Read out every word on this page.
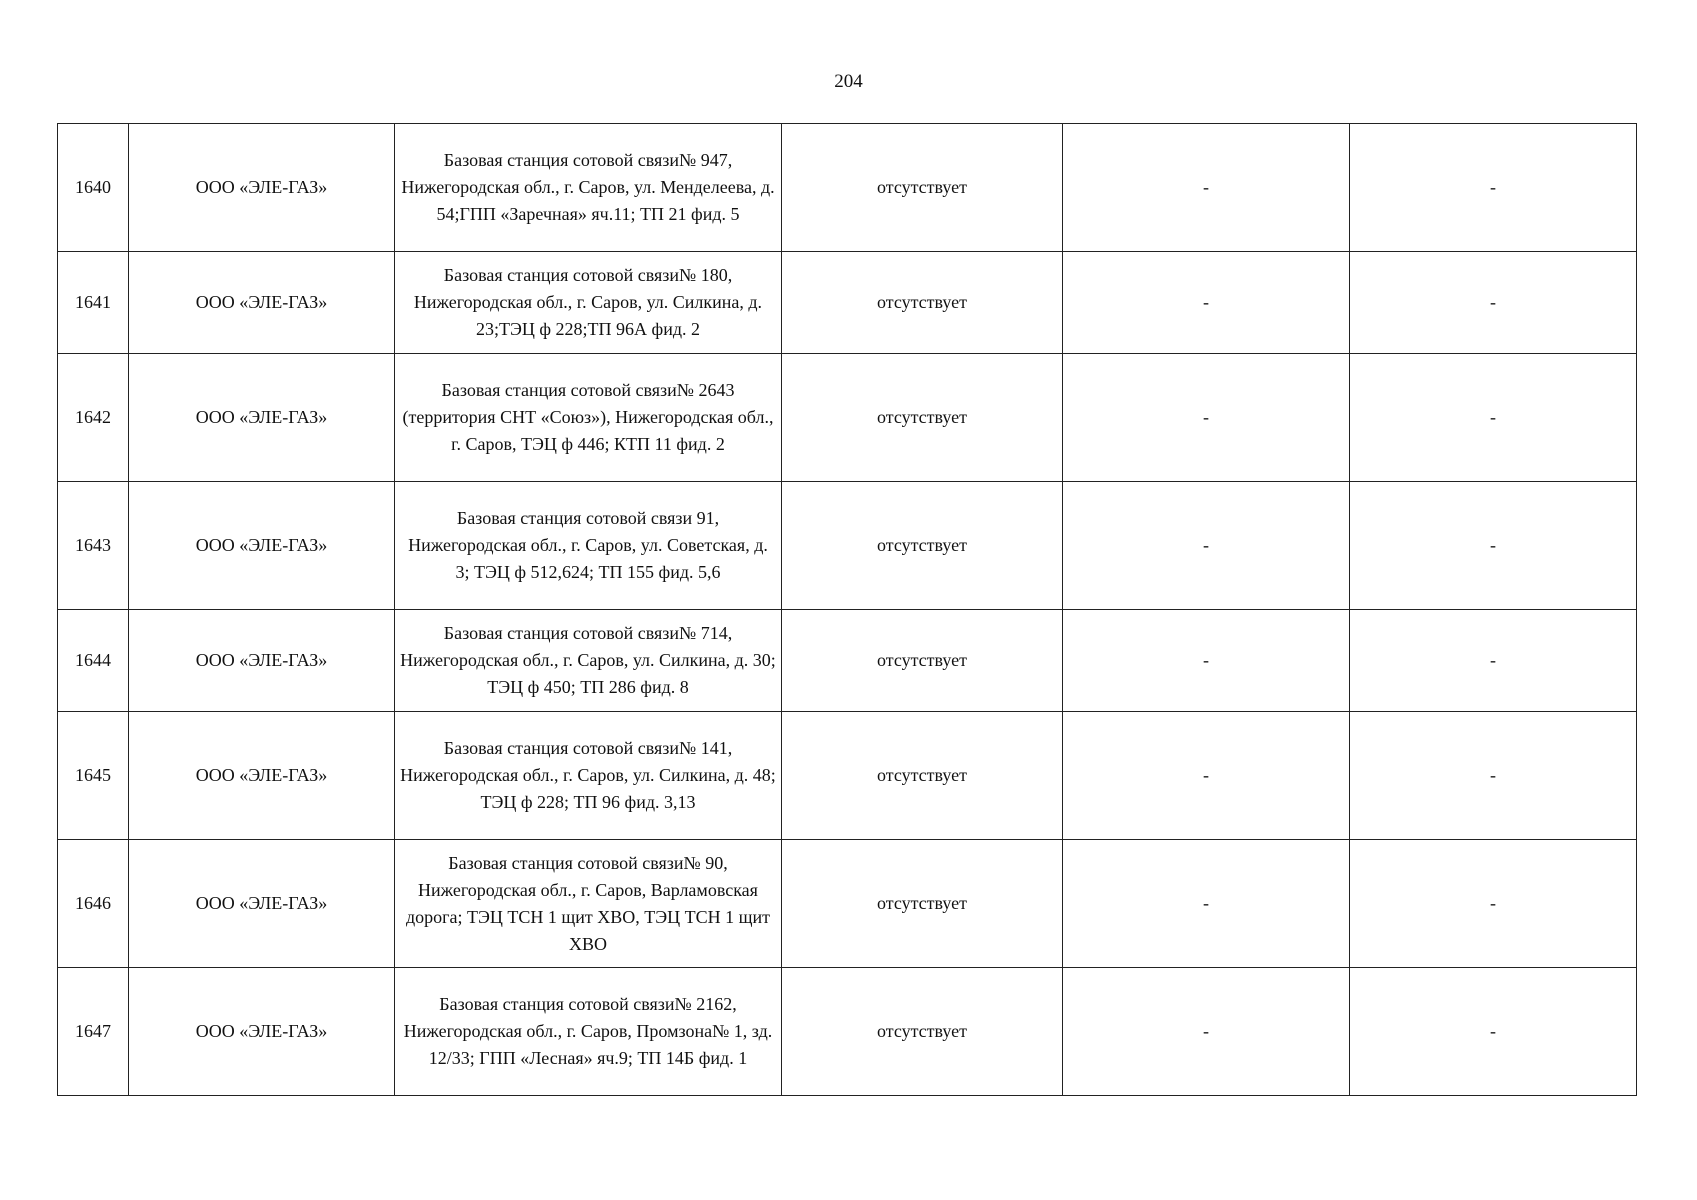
204
1640	ООО «ЭЛЕ-ГАЗ»	Базовая станция сотовой связи№ 947, Нижегородская обл., г. Саров, ул. Менделеева, д. 54;ГПП «Заречная» яч.11; ТП 21 фид. 5	отсутствует	-	-
1641	ООО «ЭЛЕ-ГАЗ»	Базовая станция сотовой связи№ 180, Нижегородская обл., г. Саров, ул. Силкина, д. 23;ТЭЦ ф 228;ТП 96А фид. 2	отсутствует	-	-
1642	ООО «ЭЛЕ-ГАЗ»	Базовая станция сотовой связи№ 2643 (территория СНТ «Союз»), Нижегородская обл., г. Саров, ТЭЦ ф 446; КТП 11 фид. 2	отсутствует	-	-
1643	ООО «ЭЛЕ-ГАЗ»	Базовая станция сотовой связи 91, Нижегородская обл., г. Саров, ул. Советская, д. 3; ТЭЦ ф 512,624; ТП 155 фид. 5,6	отсутствует	-	-
1644	ООО «ЭЛЕ-ГАЗ»	Базовая станция сотовой связи№ 714, Нижегородская обл., г. Саров, ул. Силкина, д. 30; ТЭЦ ф 450; ТП 286 фид. 8	отсутствует	-	-
1645	ООО «ЭЛЕ-ГАЗ»	Базовая станция сотовой связи№ 141, Нижегородская обл., г. Саров, ул. Силкина, д. 48; ТЭЦ ф 228; ТП 96 фид. 3,13	отсутствует	-	-
1646	ООО «ЭЛЕ-ГАЗ»	Базовая станция сотовой связи№ 90, Нижегородская обл., г. Саров, Варламовская дорога; ТЭЦ ТСН 1 щит ХВО, ТЭЦ ТСН 1 щит ХВО	отсутствует	-	-
1647	ООО «ЭЛЕ-ГАЗ»	Базовая станция сотовой связи№ 2162, Нижегородская обл., г. Саров, Промзона№ 1, зд. 12/33; ГПП «Лесная» яч.9; ТП 14Б фид. 1	отсутствует	-	-
